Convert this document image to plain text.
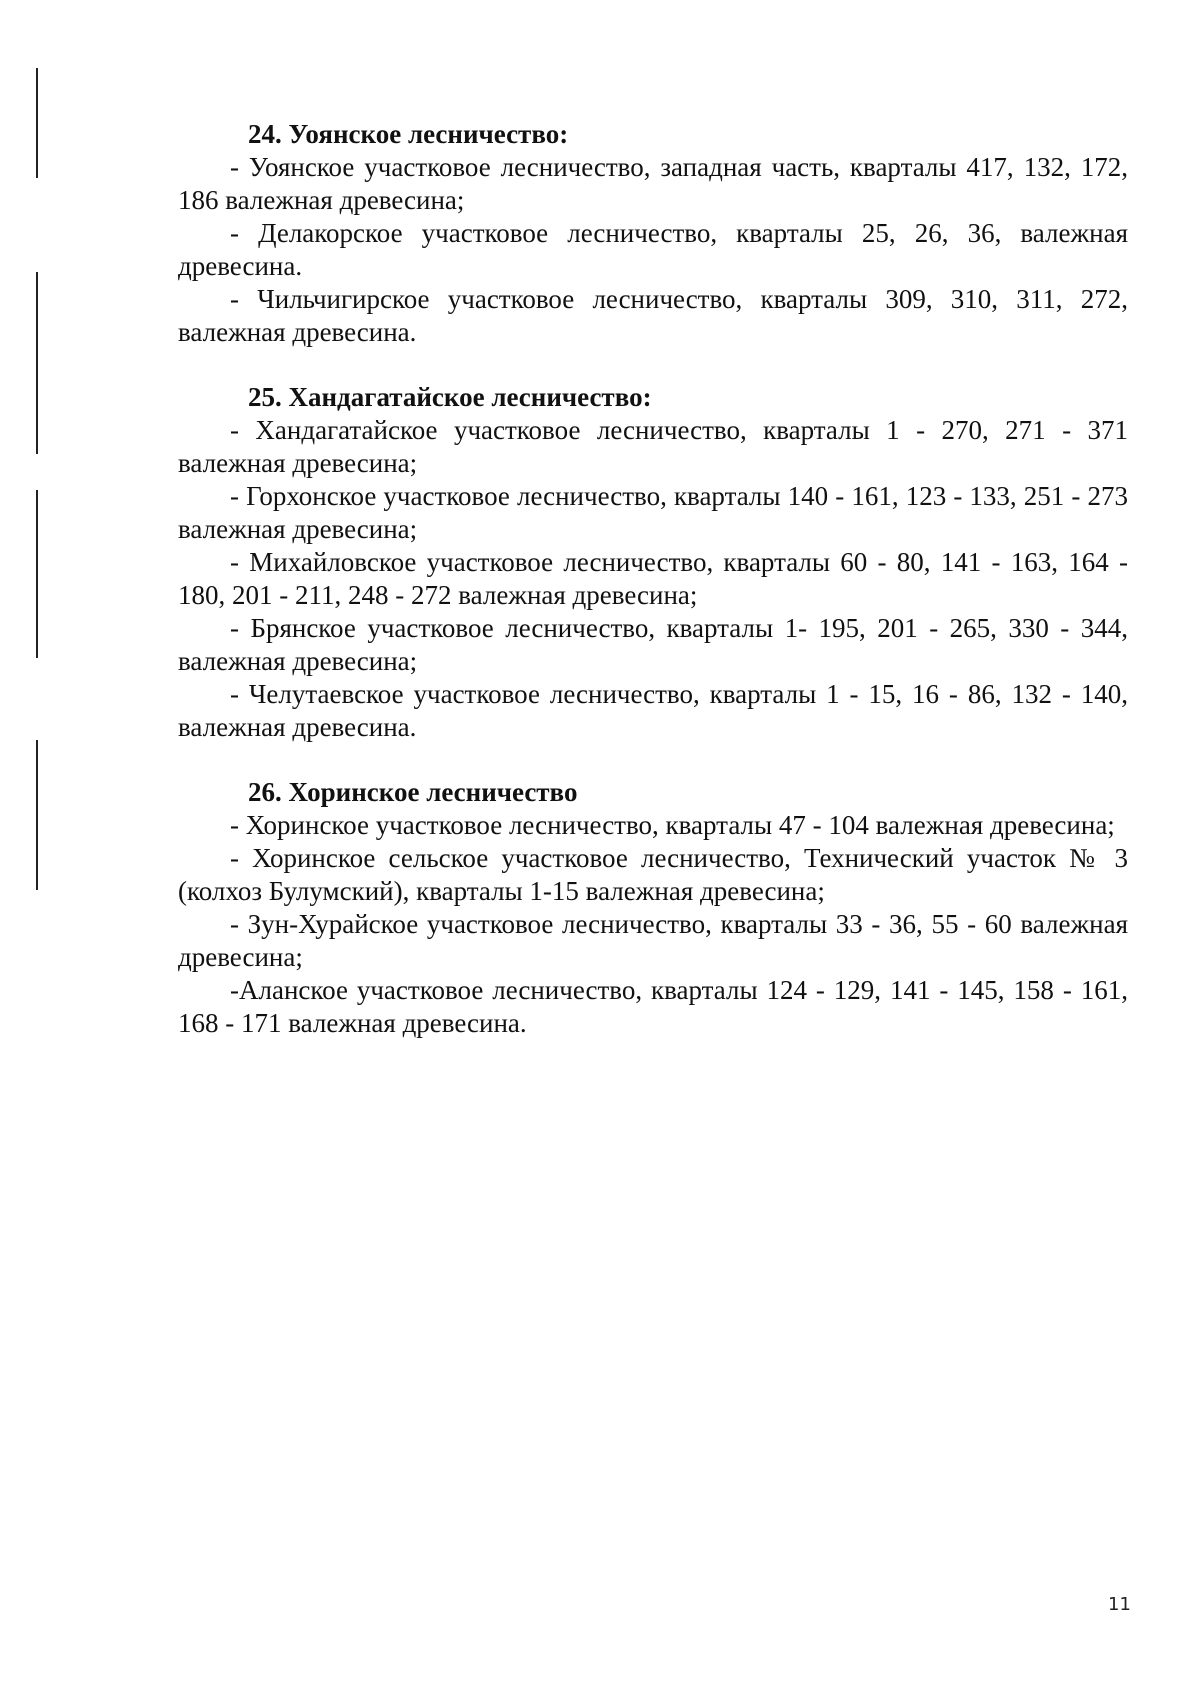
24. Уоянское лесничество:

- Уоянское участковое лесничество, западная часть, кварталы 417, 132, 172, 186 валежная древесина;

- Делакорское участковое лесничество, кварталы 25, 26, 36, валежная древесина.

- Чильчигирское участковое лесничество, кварталы 309, 310, 311, 272, валежная древесина.

25. Хандагатайское лесничество:

- Хандагатайское участковое лесничество, кварталы 1 - 270, 271 - 371 валежная древесина;

- Горхонское участковое лесничество, кварталы 140 - 161, 123 - 133, 251 - 273 валежная древесина;

- Михайловское участковое лесничество, кварталы 60 - 80, 141 - 163, 164 - 180, 201 - 211, 248 - 272 валежная древесина;

- Брянское участковое лесничество, кварталы 1- 195, 201 - 265, 330 - 344, валежная древесина;

- Челутаевское участковое лесничество, кварталы 1 - 15, 16 - 86, 132 - 140, валежная древесина.

26. Хоринское лесничество

- Хоринское участковое лесничество, кварталы 47 - 104 валежная древесина;

- Хоринское сельское участковое лесничество, Технический участок № 3 (колхоз Булумский), кварталы 1-15 валежная древесина;

- Зун-Хурайское участковое лесничество, кварталы 33 - 36, 55 - 60 валежная древесина;

-Аланское участковое лесничество, кварталы 124 - 129, 141 - 145, 158 - 161, 168 - 171 валежная древесина.

11
